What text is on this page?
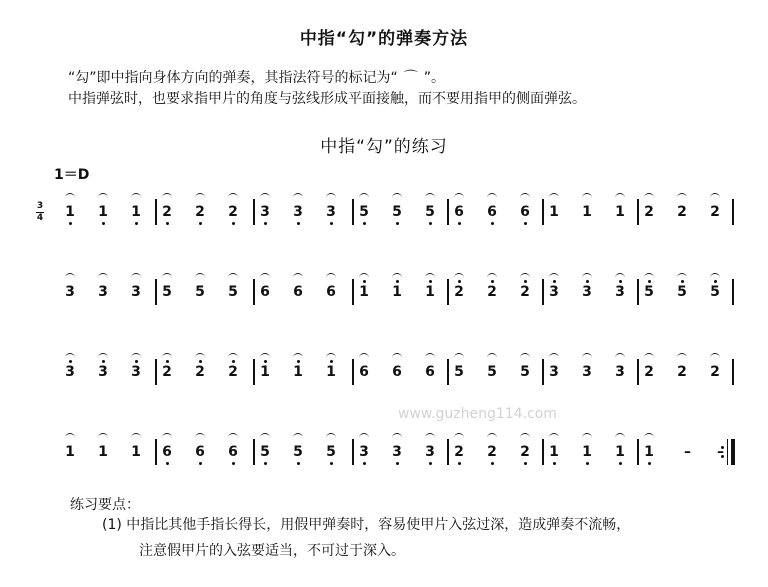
中指“勾”的弹奏方法
“勾”即中指向身体方向的弹奏，其指法符号的标记为“ ⌒ ”。
中指弹弦时，也要求指甲片的角度与弦线形成平面接触，而不要用指甲的侧面弹弦。
中指“勾”的练习
1＝D
3
4 1 1 1 2 2 2 3 3 3 5 5 5 6 6 6 1 1 1 2 2 2
3 3 3 5 5 5 6 6 6 1 1 1 2 2 2 3 3 3 5 5 5
3 3 3 2 2 2 1 1 1 6 6 6 5 5 5 3 3 3 2 2 2
1 1 1 6 6 6 5 5 5 3 3 3 2 2 2 1 1 1 1 – –
www.guzheng114.com
练习要点：
(1) 中指比其他手指长得长，用假甲弹奏时，容易使甲片入弦过深，造成弹奏不流畅，
注意假甲片的入弦要适当，不可过于深入。
